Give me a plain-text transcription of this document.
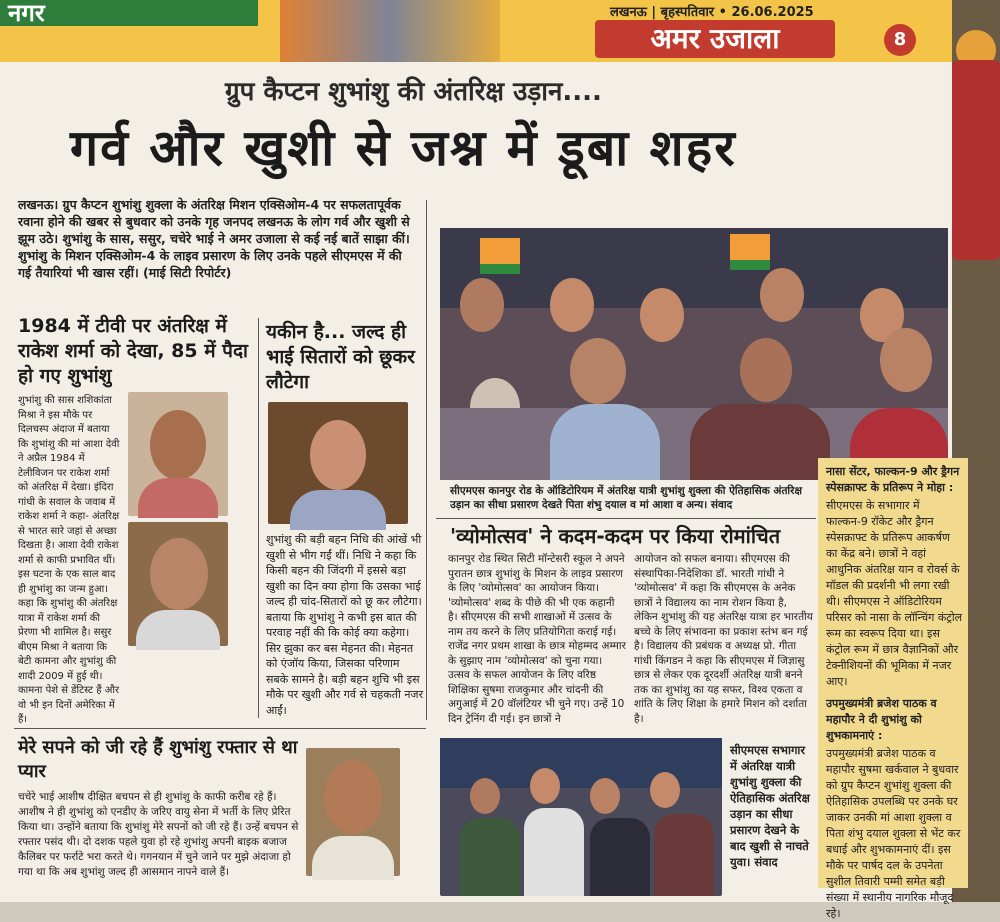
नगर	लखनऊ | बृहस्पतिवार • 26.06.2025
अमर उजाला	8
ग्रुप कैप्टन शुभांशु की अंतरिक्ष उड़ान....
गर्व और खुशी से जश्न में डूबा शहर
लखनऊ। ग्रुप कैप्टन शुभांशु शुक्ला के अंतरिक्ष मिशन एक्सिओम-4 पर सफलतापूर्वक रवाना होने की खबर से बुधवार को उनके गृह जनपद लखनऊ के लोग गर्व और खुशी से झूम उठे। शुभांशु के सास, ससुर, चचेरे भाई ने अमर उजाला से कई नई बातें साझा कीं। शुभांशु के मिशन एक्सिओम-4 के लाइव प्रसारण के लिए उनके पहले सीएमएस में की गई तैयारियां भी खास रहीं। (माई सिटी रिपोर्टर)
1984 में टीवी पर अंतरिक्ष में राकेश शर्मा को देखा, 85 में पैदा हो गए शुभांशु
शुभांशु की सास शशिकांता मिश्रा ने इस मौके पर दिलचस्प अंदाज में बताया कि शुभांशु की मां आशा देवी ने अप्रैल 1984 में टेलीविजन पर राकेश शर्मा को अंतरिक्ष में देखा। इंदिरा गांधी के सवाल के जवाब में राकेश शर्मा ने कहा- अंतरिक्ष से भारत सारे जहां से अच्छा दिखता है। आशा देवी राकेश शर्मा से काफी प्रभावित थीं। इस घटना के एक साल बाद ही शुभांशु का जन्म हुआ। कहा कि शुभांशु की अंतरिक्ष यात्रा में राकेश शर्मा की प्रेरणा भी शामिल है। ससुर बीएम मिश्रा ने बताया कि बेटी कामना और शुभांशु की शादी 2009 में हुई थी। कामना पेशे से डेंटिस्ट हैं और वो भी इन दिनों अमेरिका में हैं।
यकीन है... जल्द ही भाई सितारों को छूकर लौटेगा
शुभांशु की बड़ी बहन निधि की आंखें भी खुशी से भीग गईं थीं। निधि ने कहा कि किसी बहन की जिंदगी में इससे बड़ा खुशी का दिन क्या होगा कि उसका भाई जल्द ही चांद-सितारों को छू कर लौटेगा। बताया कि शुभांशु ने कभी इस बात की परवाह नहीं की कि कोई क्या कहेगा। सिर झुका कर बस मेहनत की। मेहनत को एंजॉय किया, जिसका परिणाम सबके सामने है। बड़ी बहन शुचि भी इस मौके पर खुशी और गर्व से चहकती नजर आईं।
मेरे सपने को जी रहे हैं शुभांशु रफ्तार से था प्यार
चचेरे भाई आशीष दीक्षित बचपन से ही शुभांशु के काफी करीब रहे हैं। आशीष ने ही शुभांशु को एनडीए के जरिए वायु सेना में भर्ती के लिए प्रेरित किया था। उन्होंने बताया कि शुभांशु मेरे सपनों को जी रहे हैं। उन्हें बचपन से रफ्तार पसंद थी। दो दशक पहले युवा हो रहे शुभांशु अपनी बाइक बजाज कैलिबर पर फर्राटे भरा करते थे। गगनयान में चुने जाने पर मुझे अंदाजा हो गया था कि अब शुभांशु जल्द ही आसमान नापने वाले हैं।
सीएमएस कानपुर रोड के ऑडिटोरियम में अंतरिक्ष यात्री शुभांशु शुक्ला की ऐतिहासिक अंतरिक्ष उड़ान का सीधा प्रसारण देखते पिता शंभु दयाल व मां आशा व अन्य। संवाद
'व्योमोत्सव' ने कदम-कदम पर किया रोमांचित
कानपुर रोड स्थित सिटी मॉन्टेसरी स्कूल ने अपने पुरातन छात्र शुभांशु के मिशन के लाइव प्रसारण के लिए 'व्योमोत्सव' का आयोजन किया। 'व्योमोत्सव' शब्द के पीछे की भी एक कहानी है। सीएमएस की सभी शाखाओं में उत्सव के नाम तय करने के लिए प्रतियोगिता कराई गई। राजेंद्र नगर प्रथम शाखा के छात्र मोहम्मद अम्मार के सुझाए नाम 'व्योमोत्सव' को चुना गया। उत्सव के सफल आयोजन के लिए वरिष्ठ शिक्षिका सुषमा राजकुमार और चांदनी की अगुआई में 20 वॉलंटियर भी चुने गए। उन्हें 10 दिन ट्रेनिंग दी गई। इन छात्रों ने
आयोजन को सफल बनाया। सीएमएस की संस्थापिका-निदेशिका डॉ. भारती गांधी ने 'व्योमोत्सव' में कहा कि सीएमएस के अनेक छात्रों ने विद्यालय का नाम रोशन किया है, लेकिन शुभांशु की यह अंतरिक्ष यात्रा हर भारतीय बच्चे के लिए संभावना का प्रकाश स्तंभ बन गई है। विद्यालय की प्रबंधक व अध्यक्ष प्रो. गीता गांधी किंगडन ने कहा कि सीएमएस में जिज्ञासु छात्र से लेकर एक दूरदर्शी अंतरिक्ष यात्री बनने तक का शुभांशु का यह सफर, विश्व एकता व शांति के लिए शिक्षा के हमारे मिशन को दर्शाता है।
सीएमएस सभागार में अंतरिक्ष यात्री शुभांशु शुक्ला की ऐतिहासिक अंतरिक्ष उड़ान का सीधा प्रसारण देखने के बाद खुशी से नाचते युवा। संवाद
नासा सेंटर, फाल्कन-9 और ड्रैगन स्पेसक्राफ्ट के प्रतिरूप ने मोहा :
सीएमएस के सभागार में फाल्कन-9 रॉकेट और ड्रैगन स्पेसक्राफ्ट के प्रतिरूप आकर्षण का केंद्र बने। छात्रों ने वहां आधुनिक अंतरिक्ष यान व रोवर्स के मॉडल की प्रदर्शनी भी लगा रखी थी। सीएमएस ने ऑडिटोरियम परिसर को नासा के लॉन्चिंग कंट्रोल रूम का स्वरूप दिया था। इस कंट्रोल रूम में छात्र वैज्ञानिकों और टेक्नीशियनों की भूमिका में नजर आए।
उपमुख्यमंत्री ब्रजेश पाठक व महापौर ने दी शुभांशु को शुभकामनाएं :
उपमुख्यमंत्री ब्रजेश पाठक व महापौर सुषमा खर्कवाल ने बुधवार को ग्रुप कैप्टन शुभांशु शुक्ला की ऐतिहासिक उपलब्धि पर उनके घर जाकर उनकी मां आशा शुक्ला व पिता शंभु दयाल शुक्ला से भेंट कर बधाई और शुभकामनाएं दीं। इस मौके पर पार्षद दल के उपनेता सुशील तिवारी पम्मी समेत बड़ी संख्या में स्थानीय नागरिक मौजूद रहे।
